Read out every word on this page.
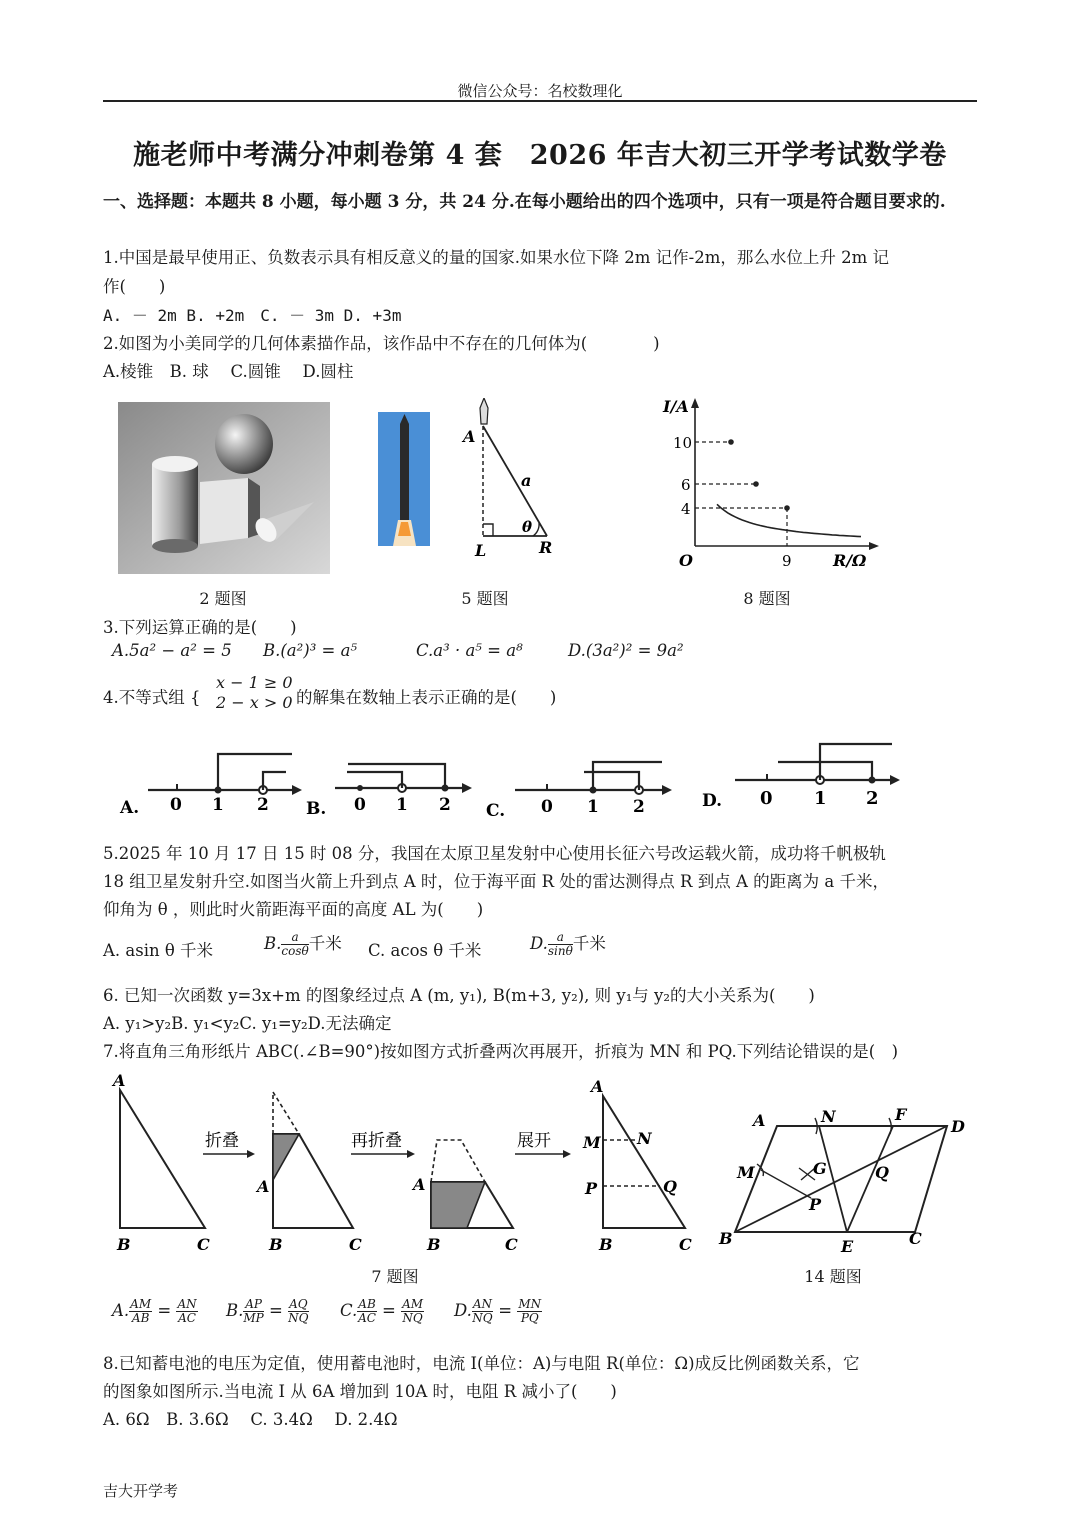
微信公众号：名校数理化
施老师中考满分冲刺卷第 4 套　2026 年吉大初三开学考试数学卷
一、选择题：本题共 8 小题，每小题 3 分，共 24 分.在每小题给出的四个选项中，只有一项是符合题目要求的.
1.中国是最早使用正、负数表示具有相反意义的量的国家.如果水位下降 2m 记作-2m，那么水位上升 2m 记
作(　　)
A. － 2m B. +2m　C. － 3m D. +3m
2.如图为小美同学的几何体素描作品，该作品中不存在的几何体为(　　　　)
A.棱锥　B. 球　 C.圆锥　 D.圆柱
A
L	R
a
θ
I/A
R/Ω
O
10
6
4
9
2 题图	5 题图	8 题图
3.下列运算正确的是(　　)
A.5a² − a² = 5 B.(a²)³ = a⁵	C.a³ · a⁵ = a⁸	D.(3a²)² = 9a²
4.不等式组 {
x − 1 ≥ 0
2 − x > 0 的解集在数轴上表示正确的是(　　)
A. 0 1 2 B. 0 1 2 C. 0 1 2	D. 0 1 2
5.2025 年 10 月 17 日 15 时 08 分，我国在太原卫星发射中心使用长征六号改运载火箭，成功将千帆极轨
18 组卫星发射升空.如图当火箭上升到点 A 时，位于海平面 R 处的雷达测得点 R 到点 A 的距离为 a 千米，
仰角为 θ ，则此时火箭距海平面的高度 AL 为(　　)
A. asin θ 千米	B. $\frac{a}{\cos\theta}$ 千米 C. acos θ 千米	D. $\frac{a}{\sin\theta}$ 千米
6. 已知一次函数 y=3x+m 的图象经过点 A (m, y₁), B(m+3, y₂), 则 y₁与 y₂的大小关系为(　　)
A. y₁>y₂B. y₁<y₂C. y₁=y₂D.无法确定
7.将直角三角形纸片 ABC(.∠B=90°)按如图方式折叠两次再展开，折痕为 MN 和 PQ.下列结论错误的是(　)
A
B	C
折叠
A
B	C
再折叠
A
B	C
展开
A
M N
P	Q
B	C
A	N	F
D
M	G	Q
P
B	E	C
7 题图	14 题图
A. $\frac{AM}{AB} = \frac{AN}{AC} B$. $\frac{AP}{MP} = \frac{AQ}{NQ} C$. $\frac{AB}{AC} = \frac{AM}{NQ} D$. $\frac{AN}{NQ} = \frac{MN}{PQ}$
8.已知蓄电池的电压为定值，使用蓄电池时，电流 I(单位：A)与电阻 R(单位：Ω)成反比例函数关系，它
的图象如图所示.当电流 I 从 6A 增加到 10A 时，电阻 R 减小了(　　)
A. 6Ω　B. 3.6Ω　 C. 3.4Ω　 D. 2.4Ω
吉大开学考
